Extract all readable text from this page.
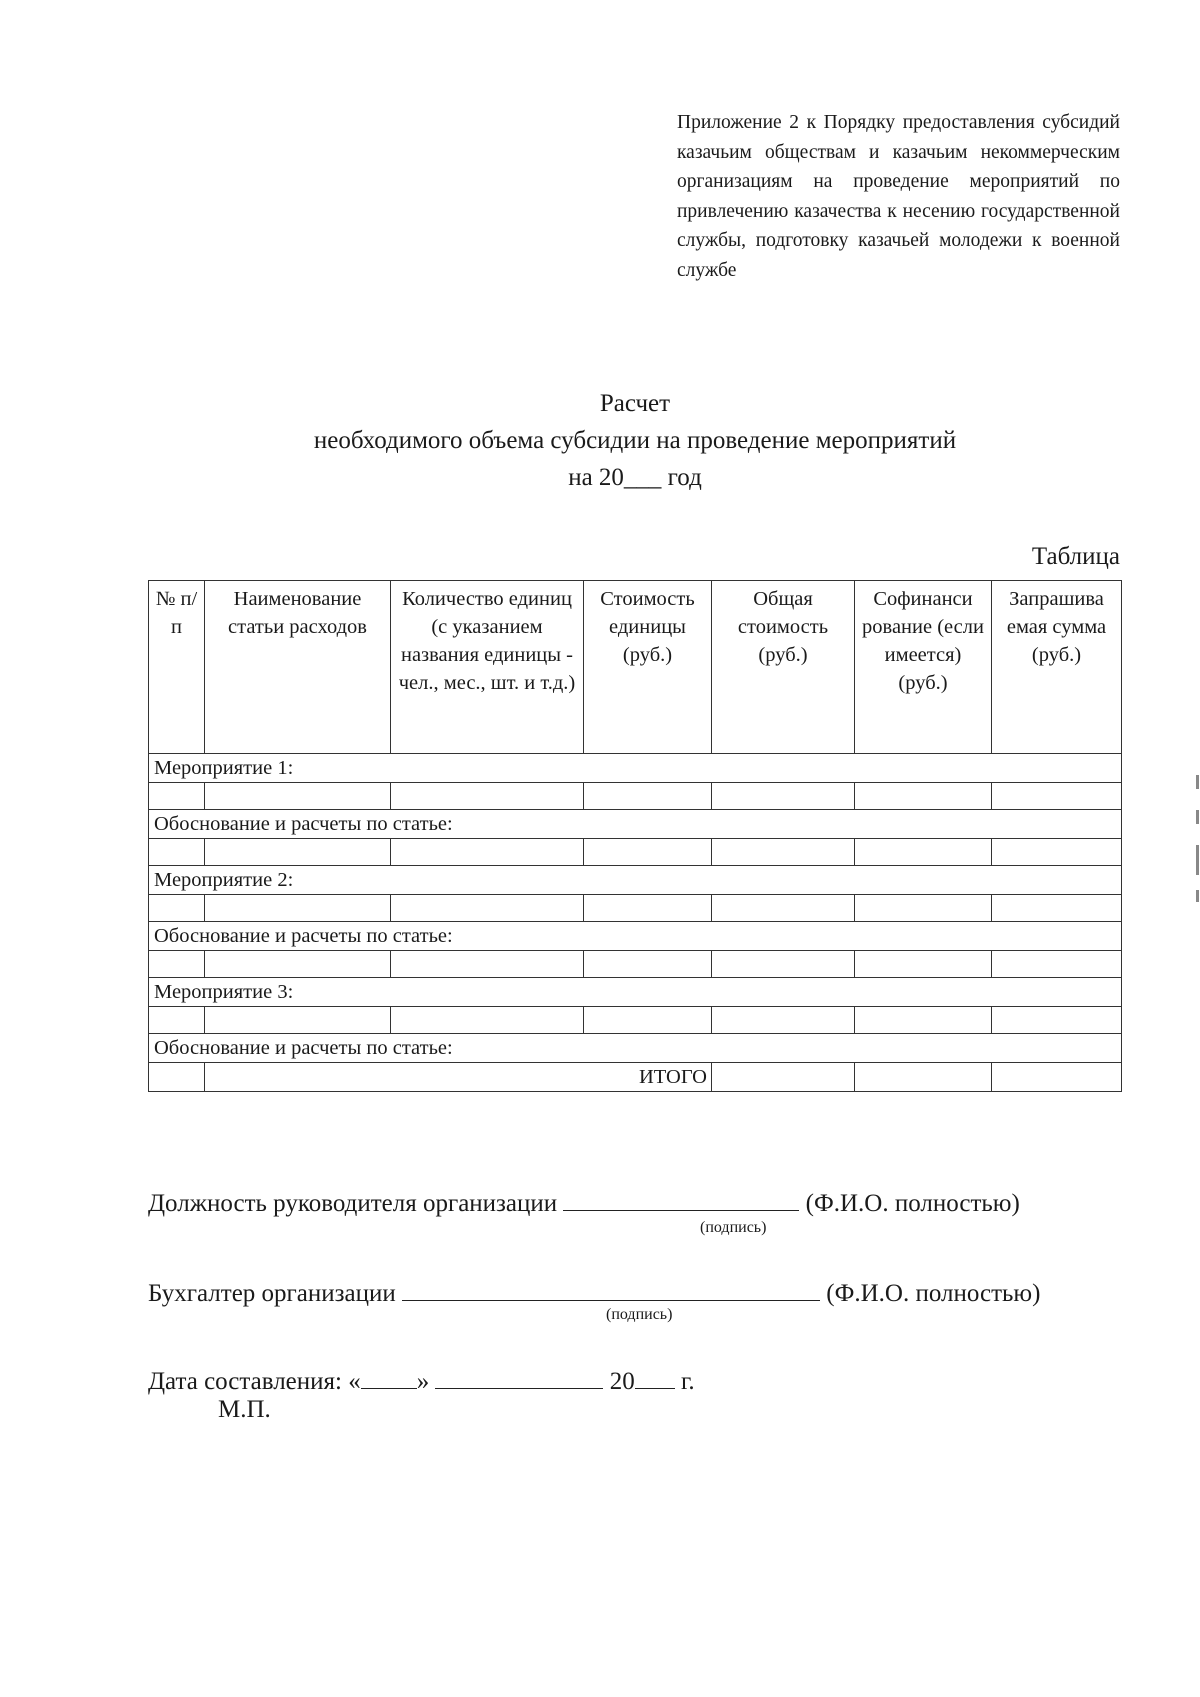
Приложение 2 к Порядку предоставления субсидий казачьим обществам и казачьим некоммерческим организациям на проведение мероприятий по привлечению казачества к несению государственной службы, подготовку казачьей молодежи к военной службе
Расчет
необходимого объема субсидии на проведение мероприятий
на 20___ год
Таблица
№ п/п	Наименование статьи расходов	Количество единиц (с указанием названия единицы - чел., мес., шт. и т.д.)	Стоимость единицы (руб.)	Общая стоимость (руб.)	Софинанси рование (если имеется) (руб.)	Запрашива емая сумма (руб.)
Мероприятие 1:						

Обоснование и расчеты по статье:						

Мероприятие 2:						

Обоснование и расчеты по статье:						

Мероприятие 3:						

Обоснование и расчеты по статье:						
	ИТОГО					
Должность руководителя организации	(Ф.И.О. полностью)
(подпись)
Бухгалтер организации	(Ф.И.О. полностью)
(подпись)
Дата составления: « »	20 г.
М.П.
